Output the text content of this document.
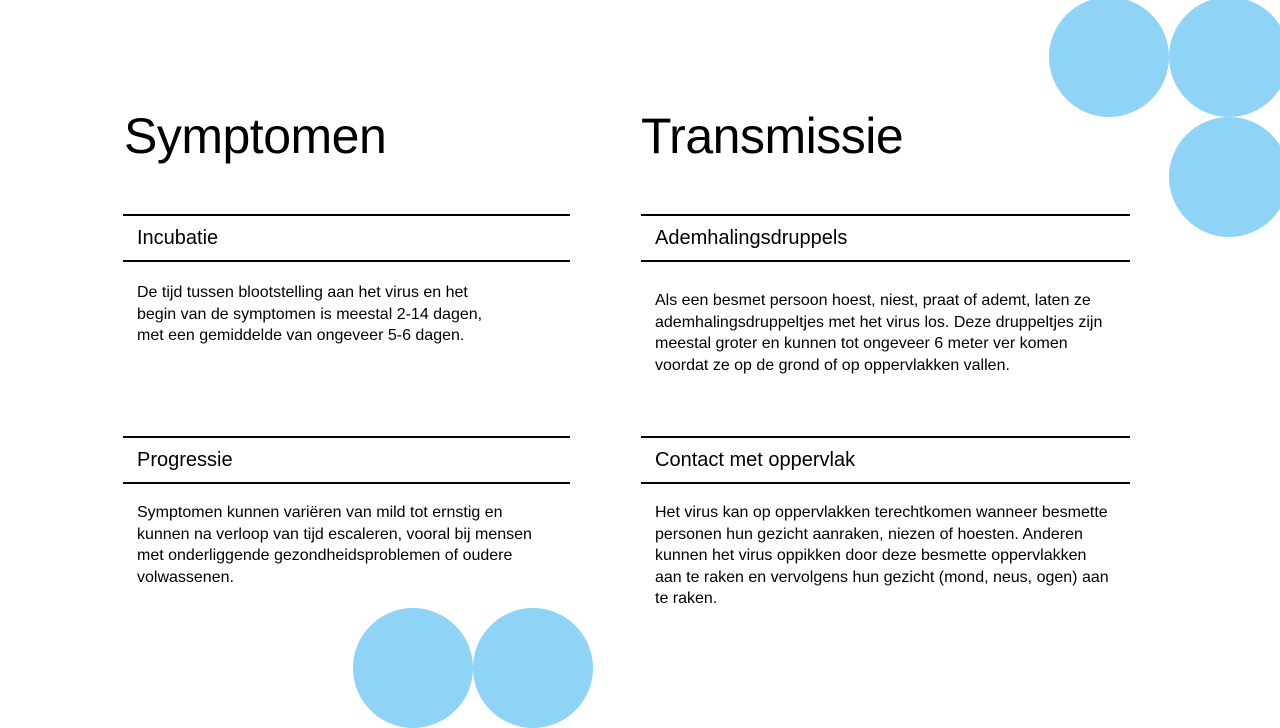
Symptomen
Incubatie

De tijd tussen blootstelling aan het virus en het begin van de symptomen is meestal 2-14 dagen, met een gemiddelde van ongeveer 5-6 dagen.

Progressie

Symptomen kunnen variëren van mild tot ernstig en kunnen na verloop van tijd escaleren, vooral bij mensen met onderliggende gezondheidsproblemen of oudere volwassenen.

Transmissie
Ademhalingsdruppels

Als een besmet persoon hoest, niest, praat of ademt, laten ze ademhalingsdruppeltjes met het virus los. Deze druppeltjes zijn meestal groter en kunnen tot ongeveer 6 meter ver komen voordat ze op de grond of op oppervlakken vallen.

Contact met oppervlak

Het virus kan op oppervlakken terechtkomen wanneer besmette personen hun gezicht aanraken, niezen of hoesten. Anderen kunnen het virus oppikken door deze besmette oppervlakken aan te raken en vervolgens hun gezicht (mond, neus, ogen) aan te raken.
